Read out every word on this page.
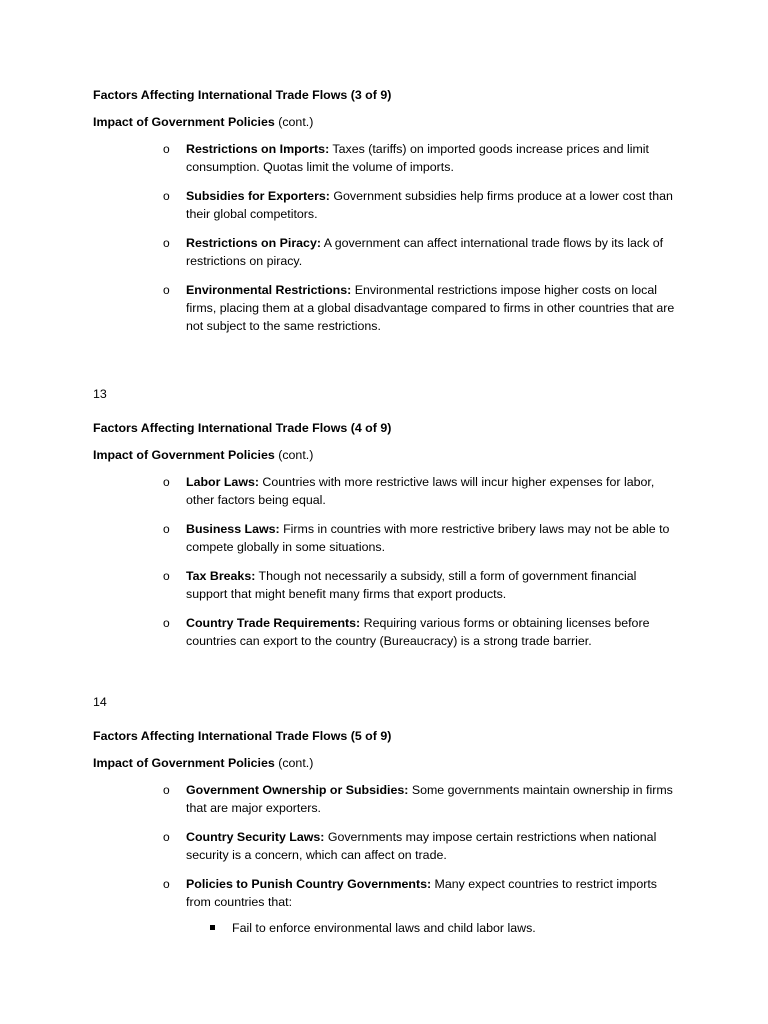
Factors Affecting International Trade Flows (3 of 9)
Impact of Government Policies (cont.)
o Restrictions on Imports: Taxes (tariffs) on imported goods increase prices and limit consumption. Quotas limit the volume of imports.
o Subsidies for Exporters: Government subsidies help firms produce at a lower cost than their global competitors.
o Restrictions on Piracy: A government can affect international trade flows by its lack of restrictions on piracy.
o Environmental Restrictions: Environmental restrictions impose higher costs on local firms, placing them at a global disadvantage compared to firms in other countries that are not subject to the same restrictions.
13
Factors Affecting International Trade Flows (4 of 9)
Impact of Government Policies (cont.)
o Labor Laws: Countries with more restrictive laws will incur higher expenses for labor, other factors being equal.
o Business Laws: Firms in countries with more restrictive bribery laws may not be able to compete globally in some situations.
o Tax Breaks: Though not necessarily a subsidy, still a form of government financial support that might benefit many firms that export products.
o Country Trade Requirements: Requiring various forms or obtaining licenses before countries can export to the country (Bureaucracy) is a strong trade barrier.
14
Factors Affecting International Trade Flows (5 of 9)
Impact of Government Policies (cont.)
o Government Ownership or Subsidies: Some governments maintain ownership in firms that are major exporters.
o Country Security Laws: Governments may impose certain restrictions when national security is a concern, which can affect on trade.
o Policies to Punish Country Governments: Many expect countries to restrict imports from countries that:
Fail to enforce environmental laws and child labor laws.
